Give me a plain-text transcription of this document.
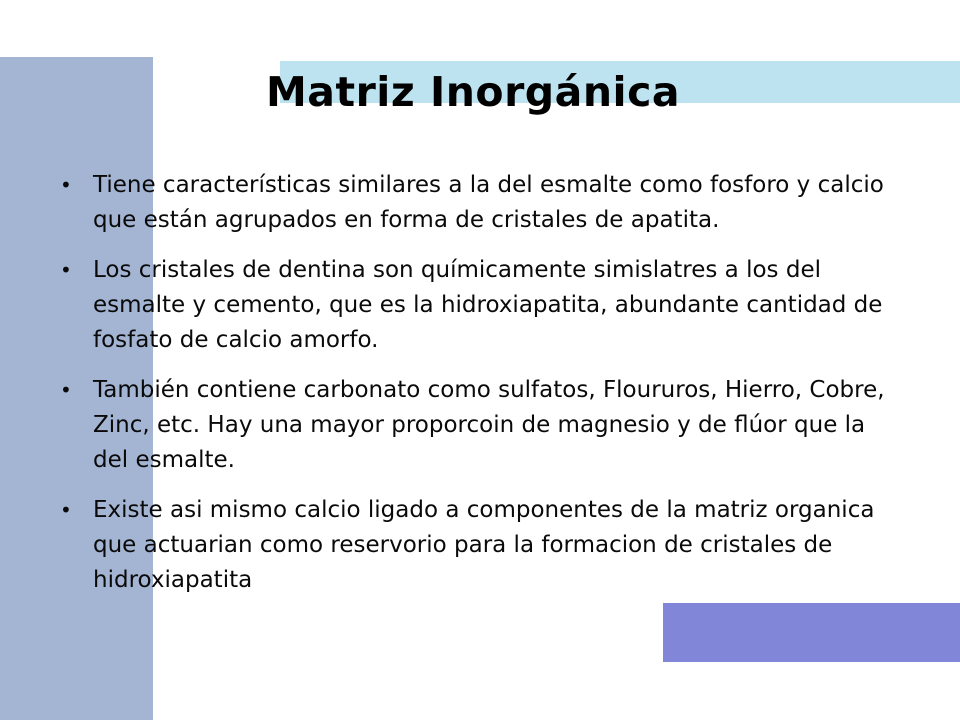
Matriz Inorgánica
• Tiene características similares a la del esmalte como fosforo y calcio que están agrupados en forma de cristales de apatita.
• Los cristales de dentina son químicamente simislatres a los del esmalte y cemento, que es la hidroxiapatita, abundante cantidad de fosfato de calcio amorfo.
• También contiene carbonato como sulfatos, Floururos, Hierro, Cobre, Zinc, etc. Hay una mayor proporcoin de magnesio y de flúor que la del esmalte.
• Existe asi mismo calcio ligado a componentes de la matriz organica que actuarian como reservorio para la formacion de cristales de hidroxiapatita
